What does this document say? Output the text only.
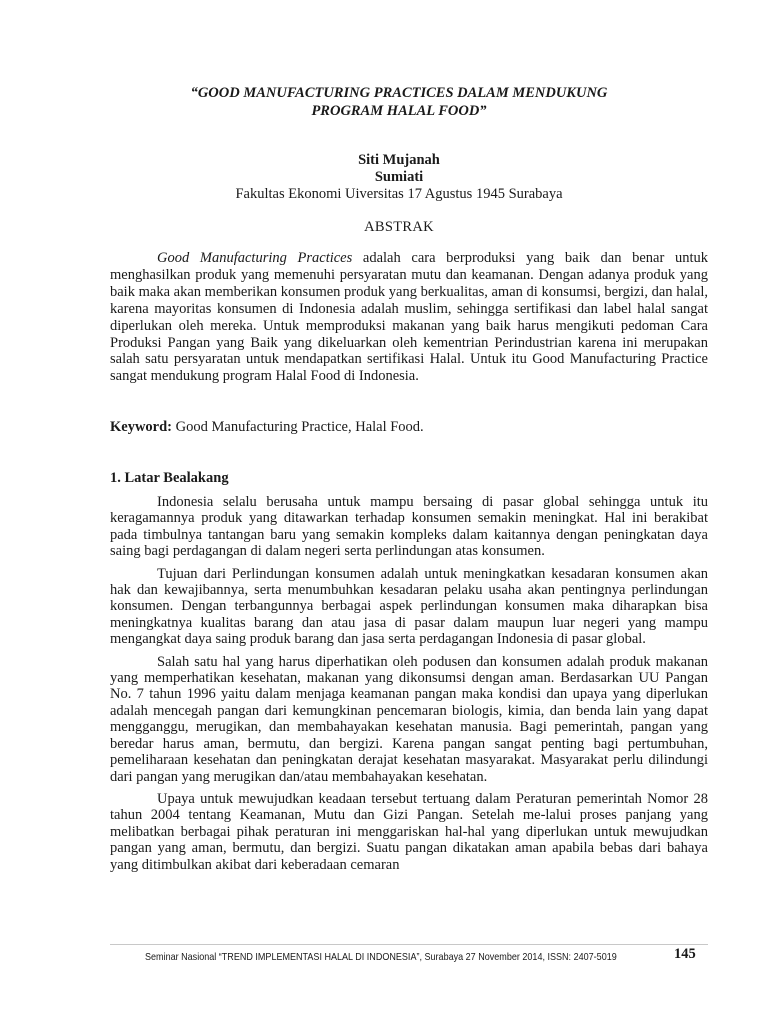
“GOOD MANUFACTURING PRACTICES DALAM MENDUKUNG
PROGRAM HALAL FOOD”
Siti Mujanah
Sumiati
Fakultas Ekonomi Uiversitas 17 Agustus 1945 Surabaya
ABSTRAK
Good Manufacturing Practices adalah cara berproduksi yang baik dan benar untuk menghasilkan produk yang memenuhi persyaratan mutu dan keamanan. Dengan adanya produk yang baik maka akan memberikan konsumen produk yang berkualitas, aman di konsumsi, bergizi, dan halal, karena mayoritas konsumen di Indonesia adalah muslim, sehingga sertifikasi dan label halal sangat diperlukan oleh mereka. Untuk memproduksi makanan yang baik harus mengikuti pedoman Cara Produksi Pangan yang Baik yang dikeluarkan oleh kementrian Perindustrian karena ini merupakan salah satu persyaratan untuk mendapatkan sertifikasi Halal. Untuk itu Good Manufacturing Practice sangat mendukung program Halal Food di Indonesia.
Keyword: Good Manufacturing Practice, Halal Food.
1. Latar Bealakang

Indonesia selalu berusaha untuk mampu bersaing di pasar global sehingga untuk itu keragamannya produk yang ditawarkan terhadap konsumen semakin meningkat. Hal ini berakibat pada timbulnya tantangan baru yang semakin kompleks dalam kaitannya dengan peningkatan daya saing bagi perdagangan di dalam negeri serta perlindungan atas konsumen.

Tujuan dari Perlindungan konsumen adalah untuk meningkatkan kesadaran konsumen akan hak dan kewajibannya, serta menumbuhkan kesadaran pelaku usaha akan pentingnya perlindungan konsumen. Dengan terbangunnya berbagai aspek perlindungan konsumen maka diharapkan bisa meningkatnya kualitas barang dan atau jasa di pasar dalam maupun luar negeri yang mampu mengangkat daya saing produk barang dan jasa serta perdagangan Indonesia di pasar global.

Salah satu hal yang harus diperhatikan oleh podusen dan konsumen adalah produk makanan yang memperhatikan kesehatan, makanan yang dikonsumsi dengan aman. Berdasarkan UU Pangan No. 7 tahun 1996 yaitu dalam menjaga keamanan pangan maka kondisi dan upaya yang diperlukan adalah mencegah pangan dari kemungkinan pencemaran biologis, kimia, dan benda lain yang dapat mengganggu, merugikan, dan membahayakan kesehatan manusia. Bagi pemerintah, pangan yang beredar harus aman, bermutu, dan bergizi. Karena pangan sangat penting bagi pertumbuhan, pemeliharaan kesehatan dan peningkatan derajat kesehatan masyarakat. Masyarakat perlu dilindungi dari pangan yang merugikan dan/atau membahayakan kesehatan.

Upaya untuk mewujudkan keadaan tersebut tertuang dalam Peraturan pemerintah Nomor 28 tahun 2004 tentang Keamanan, Mutu dan Gizi Pangan. Setelah me-lalui proses panjang yang melibatkan berbagai pihak peraturan ini menggariskan hal-hal yang diperlukan untuk mewujudkan pangan yang aman, bermutu, dan bergizi. Suatu pangan dikatakan aman apabila bebas dari bahaya yang ditimbulkan akibat dari keberadaan cemaran

Seminar Nasional “TREND IMPLEMENTASI HALAL DI INDONESIA”, Surabaya 27 November 2014, ISSN: 2407-5019	145
